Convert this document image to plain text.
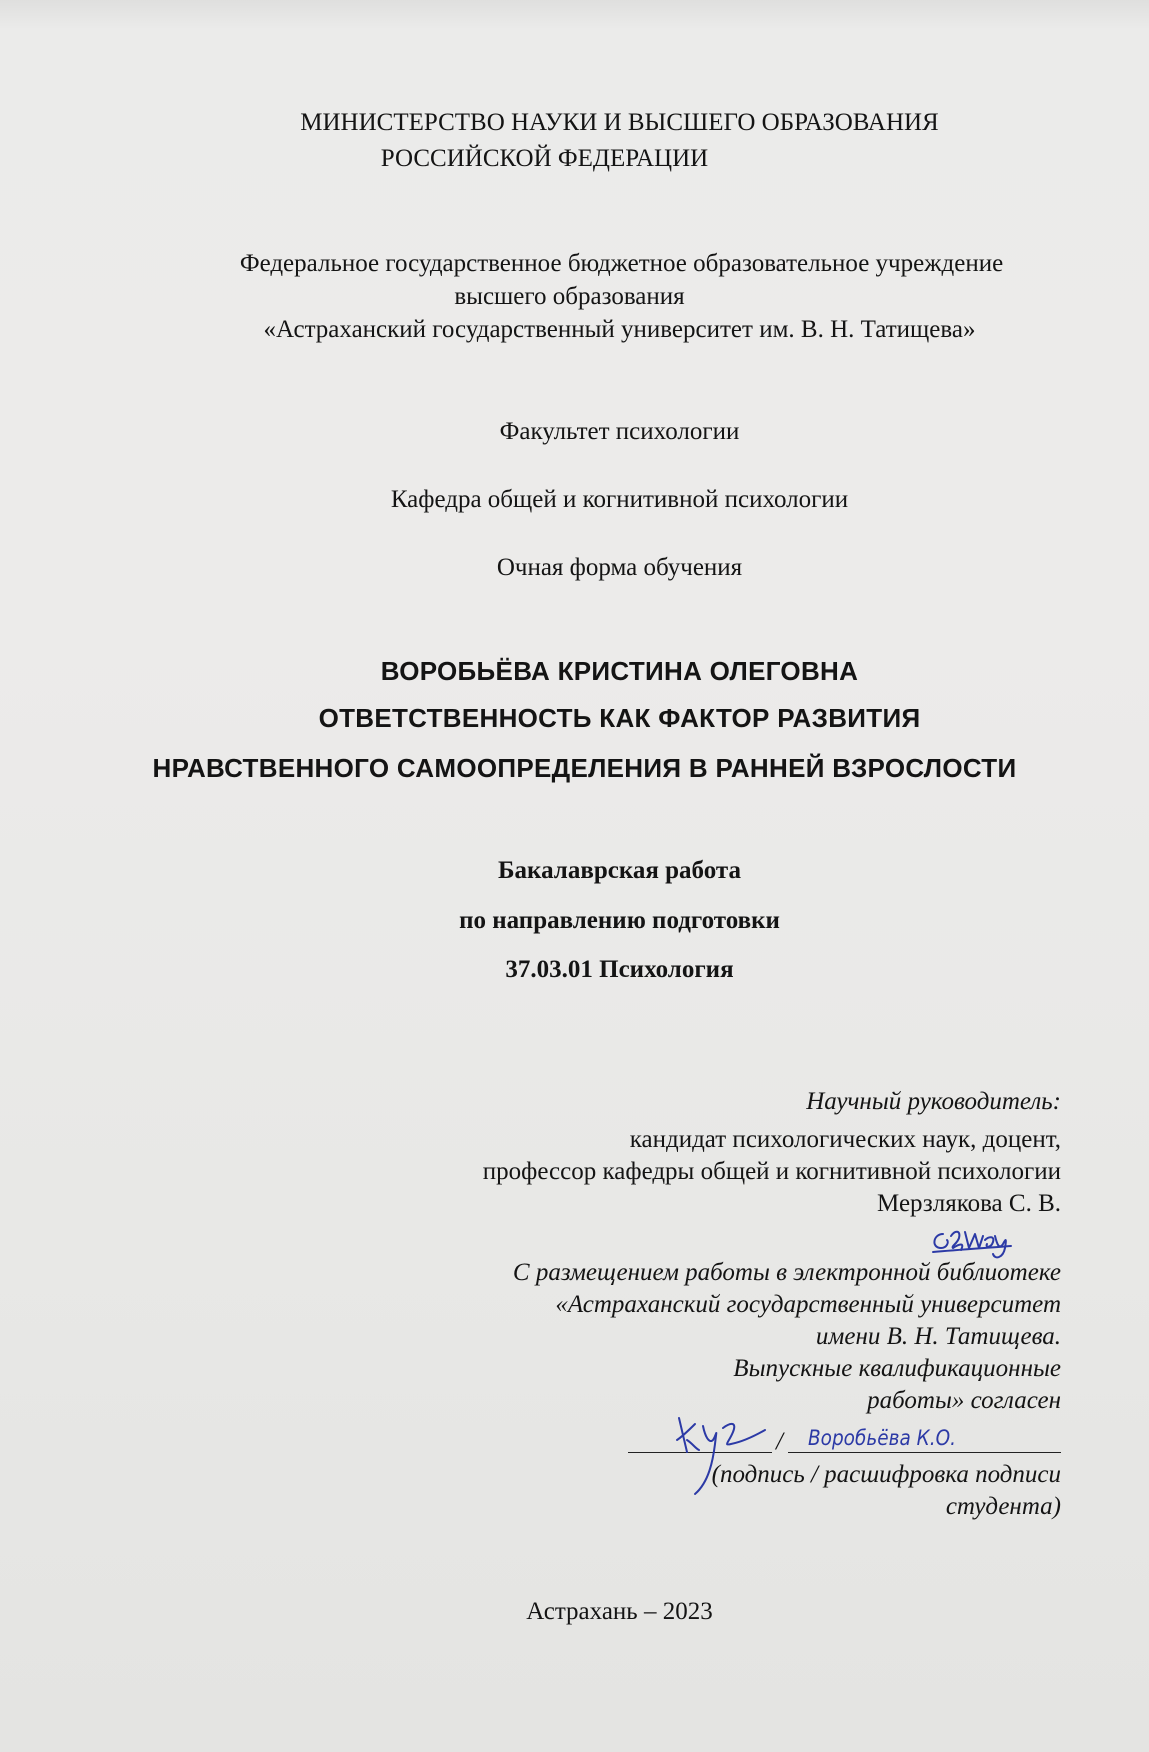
МИНИСТЕРСТВО НАУКИ И ВЫСШЕГО ОБРАЗОВАНИЯ
РОССИЙСКОЙ ФЕДЕРАЦИИ
Федеральное государственное бюджетное образовательное учреждение
высшего образования
«Астраханский государственный университет им. В. Н. Татищева»
Факультет психологии
Кафедра общей и когнитивной психологии
Очная форма обучения
ВОРОБЬЁВА КРИСТИНА ОЛЕГОВНА
ОТВЕТСТВЕННОСТЬ КАК ФАКТОР РАЗВИТИЯ
НРАВСТВЕННОГО САМООПРЕДЕЛЕНИЯ В РАННЕЙ ВЗРОСЛОСТИ
Бакалаврская работа
по направлению подготовки
37.03.01 Психология
Научный руководитель:
кандидат психологических наук, доцент,
профессор кафедры общей и когнитивной психологии
Мерзлякова С. В.
С размещением работы в электронной библиотеке
«Астраханский государственный университет
имени В. Н. Татищева.
Выпускные квалификационные
работы» согласен
/ Воробьёва К.О.
(подпись / расшифровка подписи
студента)
Астрахань – 2023
